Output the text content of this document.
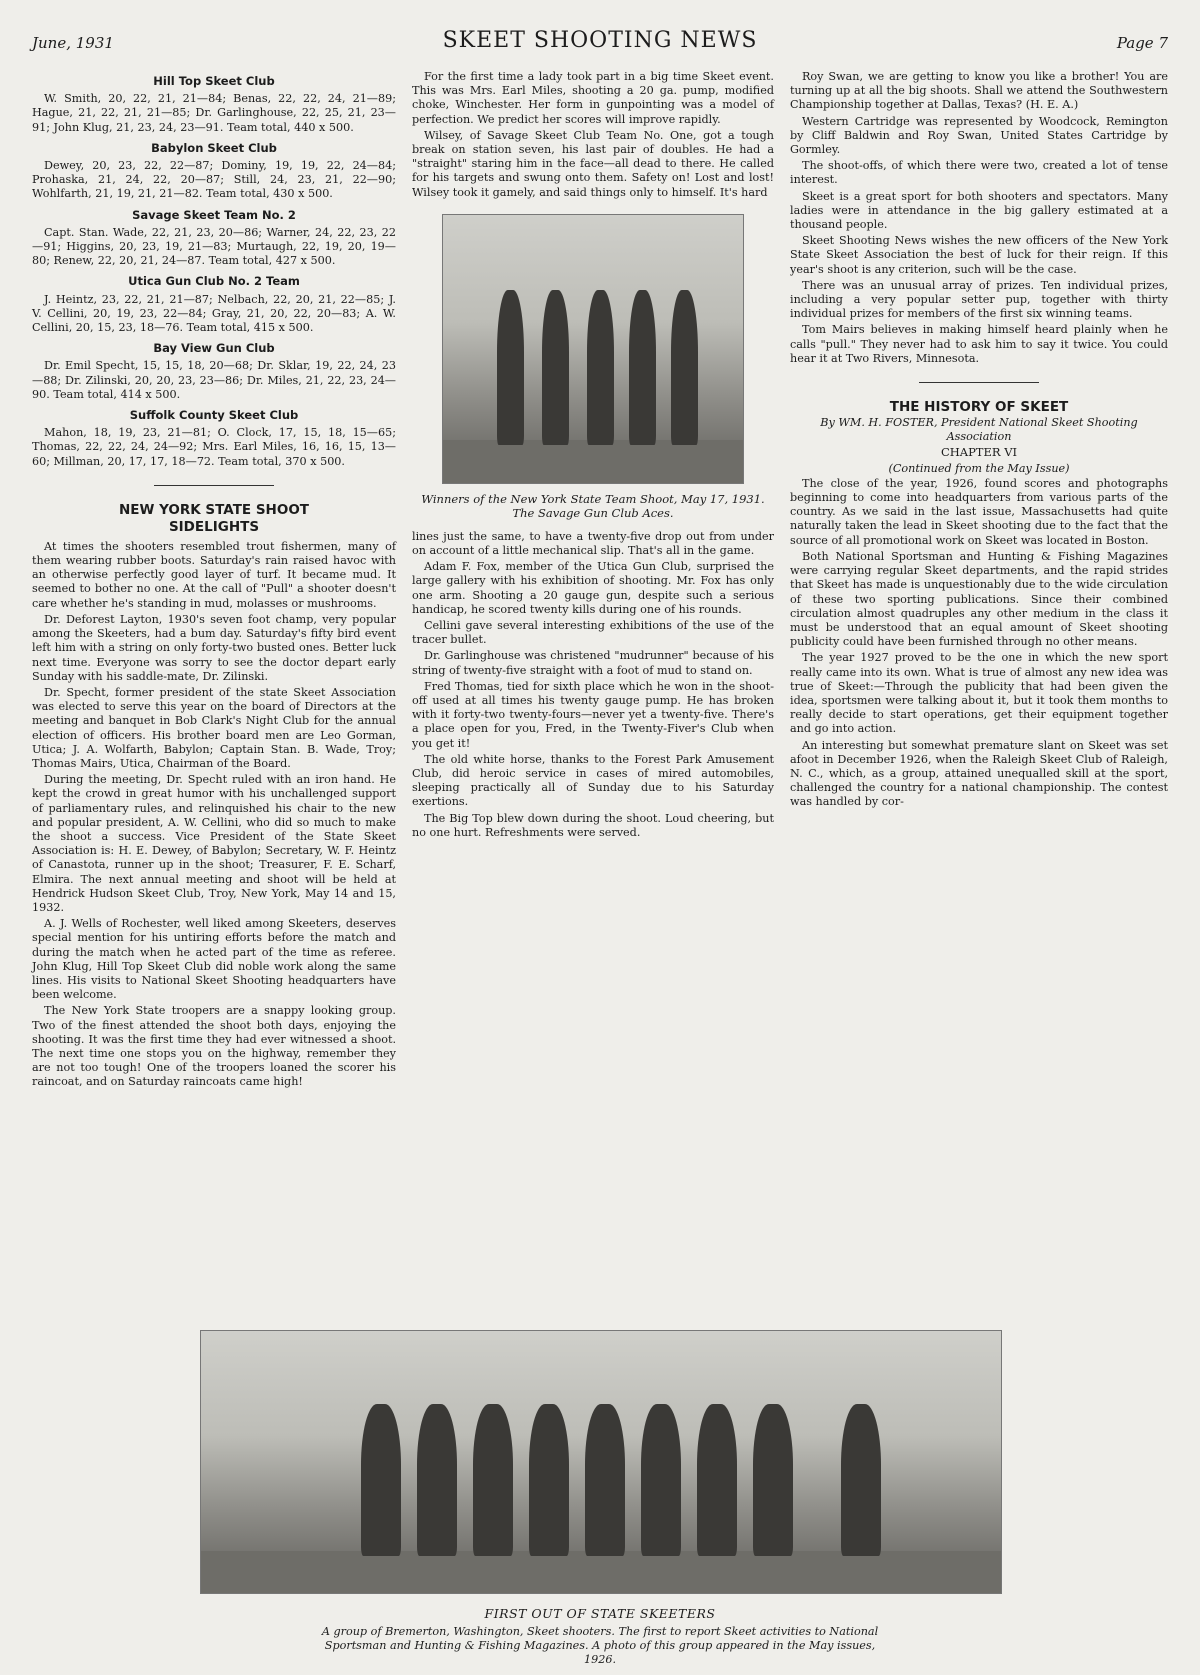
June, 1931	SKEET SHOOTING NEWS	Page 7
Hill Top Skeet Club

W. Smith, 20, 22, 21, 21—84; Benas, 22, 22, 24, 21—89; Hague, 21, 22, 21, 21—85; Dr. Garlinghouse, 22, 25, 21, 23—91; John Klug, 21, 23, 24, 23—91. Team total, 440 x 500.

Babylon Skeet Club

Dewey, 20, 23, 22, 22—87; Dominy, 19, 19, 22, 24—84; Prohaska, 21, 24, 22, 20—87; Still, 24, 23, 21, 22—90; Wohlfarth, 21, 19, 21, 21—82. Team total, 430 x 500.

Savage Skeet Team No. 2

Capt. Stan. Wade, 22, 21, 23, 20—86; Warner, 24, 22, 23, 22—91; Higgins, 20, 23, 19, 21—83; Murtaugh, 22, 19, 20, 19—80; Renew, 22, 20, 21, 24—87. Team total, 427 x 500.

Utica Gun Club No. 2 Team

J. Heintz, 23, 22, 21, 21—87; Nelbach, 22, 20, 21, 22—85; J. V. Cellini, 20, 19, 23, 22—84; Gray, 21, 20, 22, 20—83; A. W. Cellini, 20, 15, 23, 18—76. Team total, 415 x 500.

Bay View Gun Club

Dr. Emil Specht, 15, 15, 18, 20—68; Dr. Sklar, 19, 22, 24, 23—88; Dr. Zilinski, 20, 20, 23, 23—86; Dr. Miles, 21, 22, 23, 24—90. Team total, 414 x 500.

Suffolk County Skeet Club

Mahon, 18, 19, 23, 21—81; O. Clock, 17, 15, 18, 15—65; Thomas, 22, 22, 24, 24—92; Mrs. Earl Miles, 16, 16, 15, 13—60; Millman, 20, 17, 17, 18—72. Team total, 370 x 500.

NEW YORK STATE SHOOT
SIDELIGHTS

At times the shooters resembled trout fishermen, many of them wearing rubber boots. Saturday's rain raised havoc with an otherwise perfectly good layer of turf. It became mud. It seemed to bother no one. At the call of "Pull" a shooter doesn't care whether he's standing in mud, molasses or mushrooms.

Dr. Deforest Layton, 1930's seven foot champ, very popular among the Skeeters, had a bum day. Saturday's fifty bird event left him with a string on only forty-two busted ones. Better luck next time. Everyone was sorry to see the doctor depart early Sunday with his saddle-mate, Dr. Zilinski.

Dr. Specht, former president of the state Skeet Association was elected to serve this year on the board of Directors at the meeting and banquet in Bob Clark's Night Club for the annual election of officers. His brother board men are Leo Gorman, Utica; J. A. Wolfarth, Babylon; Captain Stan. B. Wade, Troy; Thomas Mairs, Utica, Chairman of the Board.

During the meeting, Dr. Specht ruled with an iron hand. He kept the crowd in great humor with his unchallenged support of parliamentary rules, and relinquished his chair to the new and popular president, A. W. Cellini, who did so much to make the shoot a success. Vice President of the State Skeet Association is: H. E. Dewey, of Babylon; Secretary, W. F. Heintz of Canastota, runner up in the shoot; Treasurer, F. E. Scharf, Elmira. The next annual meeting and shoot will be held at Hendrick Hudson Skeet Club, Troy, New York, May 14 and 15, 1932.

A. J. Wells of Rochester, well liked among Skeeters, deserves special mention for his untiring efforts before the match and during the match when he acted part of the time as referee. John Klug, Hill Top Skeet Club did noble work along the same lines. His visits to National Skeet Shooting headquarters have been welcome.

The New York State troopers are a snappy looking group. Two of the finest attended the shoot both days, enjoying the shooting. It was the first time they had ever witnessed a shoot. The next time one stops you on the highway, remember they are not too tough! One of the troopers loaned the scorer his raincoat, and on Saturday raincoats came high!

For the first time a lady took part in a big time Skeet event. This was Mrs. Earl Miles, shooting a 20 ga. pump, modified choke, Winchester. Her form in gunpointing was a model of perfection. We predict her scores will improve rapidly.

Wilsey, of Savage Skeet Club Team No. One, got a tough break on station seven, his last pair of doubles. He had a "straight" staring him in the face—all dead to there. He called for his targets and swung onto them. Safety on! Lost and lost! Wilsey took it gamely, and said things only to himself. It's hard

Winners of the New York State Team Shoot, May 17, 1931. The Savage Gun Club Aces.

lines just the same, to have a twenty-five drop out from under on account of a little mechanical slip. That's all in the game.

Adam F. Fox, member of the Utica Gun Club, surprised the large gallery with his exhibition of shooting. Mr. Fox has only one arm. Shooting a 20 gauge gun, despite such a serious handicap, he scored twenty kills during one of his rounds.

Cellini gave several interesting exhibitions of the use of the tracer bullet.

Dr. Garlinghouse was christened "mudrunner" because of his string of twenty-five straight with a foot of mud to stand on.

Fred Thomas, tied for sixth place which he won in the shoot-off used at all times his twenty gauge pump. He has broken with it forty-two twenty-fours—never yet a twenty-five. There's a place open for you, Fred, in the Twenty-Fiver's Club when you get it!

The old white horse, thanks to the Forest Park Amusement Club, did heroic service in cases of mired automobiles, sleeping practically all of Sunday due to his Saturday exertions.

The Big Top blew down during the shoot. Loud cheering, but no one hurt. Refreshments were served.

Roy Swan, we are getting to know you like a brother! You are turning up at all the big shoots. Shall we attend the Southwestern Championship together at Dallas, Texas? (H. E. A.)

Western Cartridge was represented by Woodcock, Remington by Cliff Baldwin and Roy Swan, United States Cartridge by Gormley.

The shoot-offs, of which there were two, created a lot of tense interest.

Skeet is a great sport for both shooters and spectators. Many ladies were in attendance in the big gallery estimated at a thousand people.

Skeet Shooting News wishes the new officers of the New York State Skeet Association the best of luck for their reign. If this year's shoot is any criterion, such will be the case.

There was an unusual array of prizes. Ten individual prizes, including a very popular setter pup, together with thirty individual prizes for members of the first six winning teams.

Tom Mairs believes in making himself heard plainly when he calls "pull." They never had to ask him to say it twice. You could hear it at Two Rivers, Minnesota.

THE HISTORY OF SKEET
By WM. H. FOSTER, President National Skeet Shooting Association
CHAPTER VI
(Continued from the May Issue)

The close of the year, 1926, found scores and photographs beginning to come into headquarters from various parts of the country. As we said in the last issue, Massachusetts had quite naturally taken the lead in Skeet shooting due to the fact that the source of all promotional work on Skeet was located in Boston.

Both National Sportsman and Hunting & Fishing Magazines were carrying regular Skeet departments, and the rapid strides that Skeet has made is unquestionably due to the wide circulation of these two sporting publications. Since their combined circulation almost quadruples any other medium in the class it must be understood that an equal amount of Skeet shooting publicity could have been furnished through no other means.

The year 1927 proved to be the one in which the new sport really came into its own. What is true of almost any new idea was true of Skeet:—Through the publicity that had been given the idea, sportsmen were talking about it, but it took them months to really decide to start operations, get their equipment together and go into action.

An interesting but somewhat premature slant on Skeet was set afoot in December 1926, when the Raleigh Skeet Club of Raleigh, N. C., which, as a group, attained unequalled skill at the sport, challenged the country for a national championship. The contest was handled by cor-

FIRST OUT OF STATE SKEETERS
A group of Bremerton, Washington, Skeet shooters. The first to report Skeet activities to National Sportsman and Hunting & Fishing Magazines. A photo of this group appeared in the May issues, 1926.
